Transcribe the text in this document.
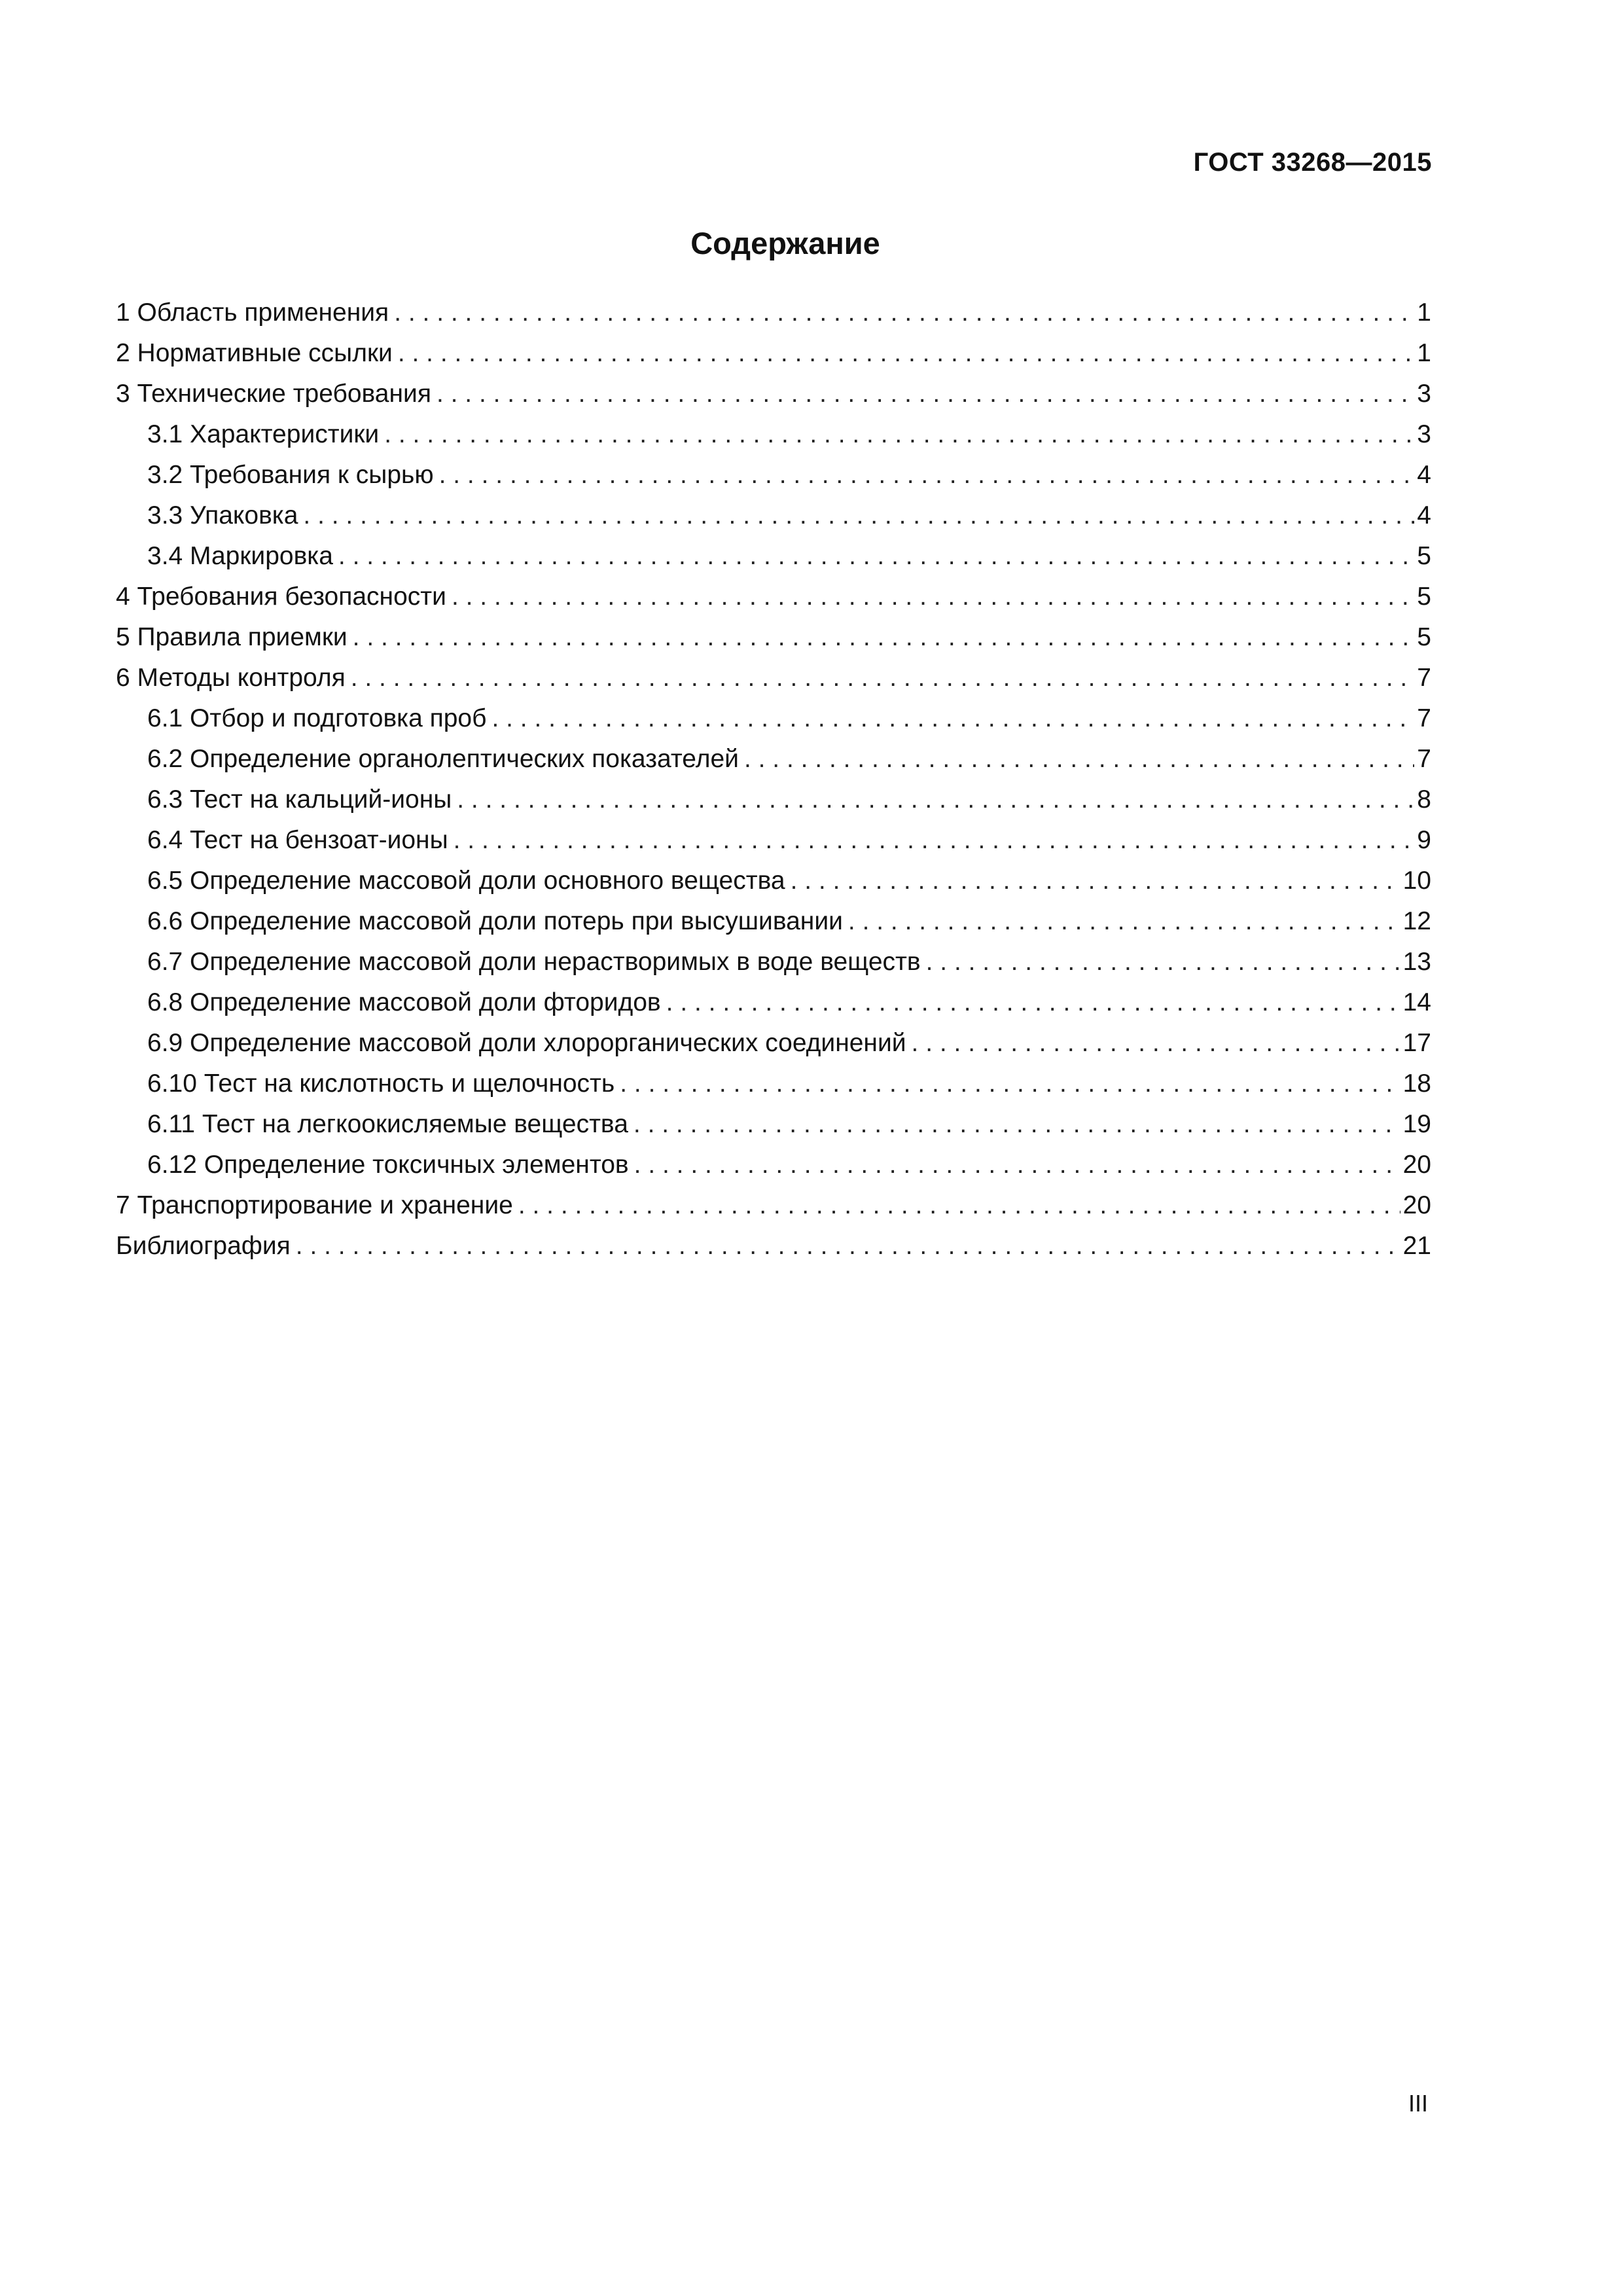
ГОСТ 33268—2015
Содержание
1 Область применения . . .	1
2 Нормативные ссылки . . .	1
3 Технические требования . . .	3
3.1 Характеристики . . .	3
3.2 Требования к сырью . . .	4
3.3 Упаковка . . .	4
3.4 Маркировка . . .	5
4 Требования безопасности . . .	5
5 Правила приемки . . .	5
6 Методы контроля . . .	7
6.1 Отбор и подготовка проб . . .	7
6.2 Определение органолептических показателей . . .	7
6.3 Тест на кальций-ионы . . .	8
6.4 Тест на бензоат-ионы . . .	9
6.5 Определение массовой доли основного вещества . . .	10
6.6 Определение массовой доли потерь при высушивании . . .	12
6.7 Определение массовой доли нерастворимых в воде веществ . . .	13
6.8 Определение массовой доли фторидов . . .	14
6.9 Определение массовой доли хлорорганических соединений . . .	17
6.10 Тест на кислотность и щелочность . . .	18
6.11 Тест на легкоокисляемые вещества . . .	19
6.12 Определение токсичных элементов . . .	20
7 Транспортирование и хранение . . .	20
Библиография . . .	21
III
